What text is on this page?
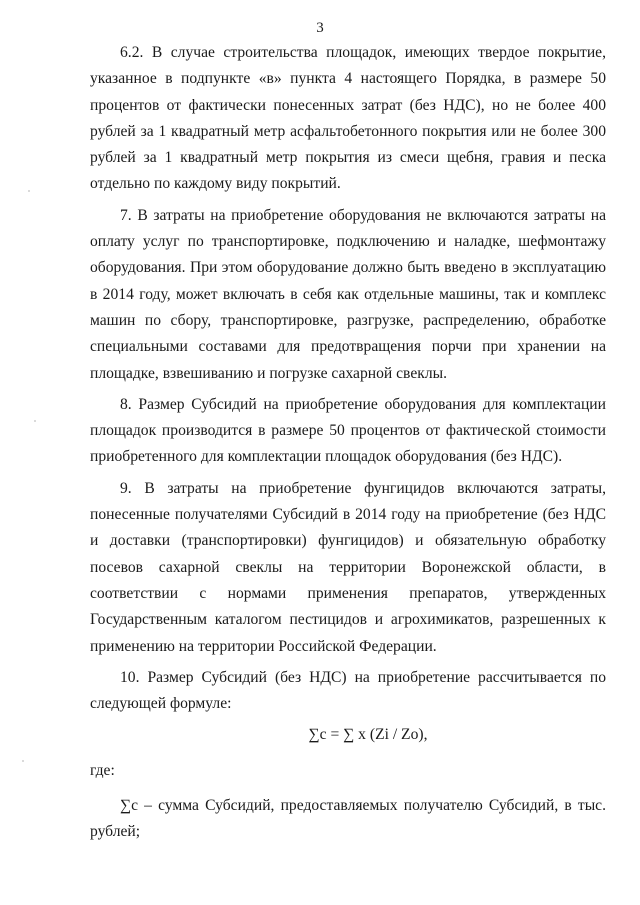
3

6.2. В случае строительства площадок, имеющих твердое покрытие, указанное в подпункте «в» пункта 4 настоящего Порядка, в размере 50 процентов от фактически понесенных затрат (без НДС), но не более 400 рублей за 1 квадратный метр асфальтобетонного покрытия или не более 300 рублей за 1 квадратный метр покрытия из смеси щебня, гравия и песка отдельно по каждому виду покрытий.

7. В затраты на приобретение оборудования не включаются затраты на оплату услуг по транспортировке, подключению и наладке, шефмонтажу оборудования. При этом оборудование должно быть введено в эксплуатацию в 2014 году, может включать в себя как отдельные машины, так и комплекс машин по сбору, транспортировке, разгрузке, распределению, обработке специальными составами для предотвращения порчи при хранении на площадке, взвешиванию и погрузке сахарной свеклы.

8. Размер Субсидий на приобретение оборудования для комплектации площадок производится в размере 50 процентов от фактической стоимости приобретенного для комплектации площадок оборудования (без НДС).

9. В затраты на приобретение фунгицидов включаются затраты, понесенные получателями Субсидий в 2014 году на приобретение (без НДС и доставки (транспортировки) фунгицидов) и обязательную обработку посевов сахарной свеклы на территории Воронежской области, в соответствии с нормами применения препаратов, утвержденных Государственным каталогом пестицидов и агрохимикатов, разрешенных к применению на территории Российской Федерации.

10. Размер Субсидий (без НДС) на приобретение рассчитывается по следующей формуле:

∑с = ∑ x (Zi / Zo),

где:

∑с – сумма Субсидий, предоставляемых получателю Субсидий, в тыс. рублей;
